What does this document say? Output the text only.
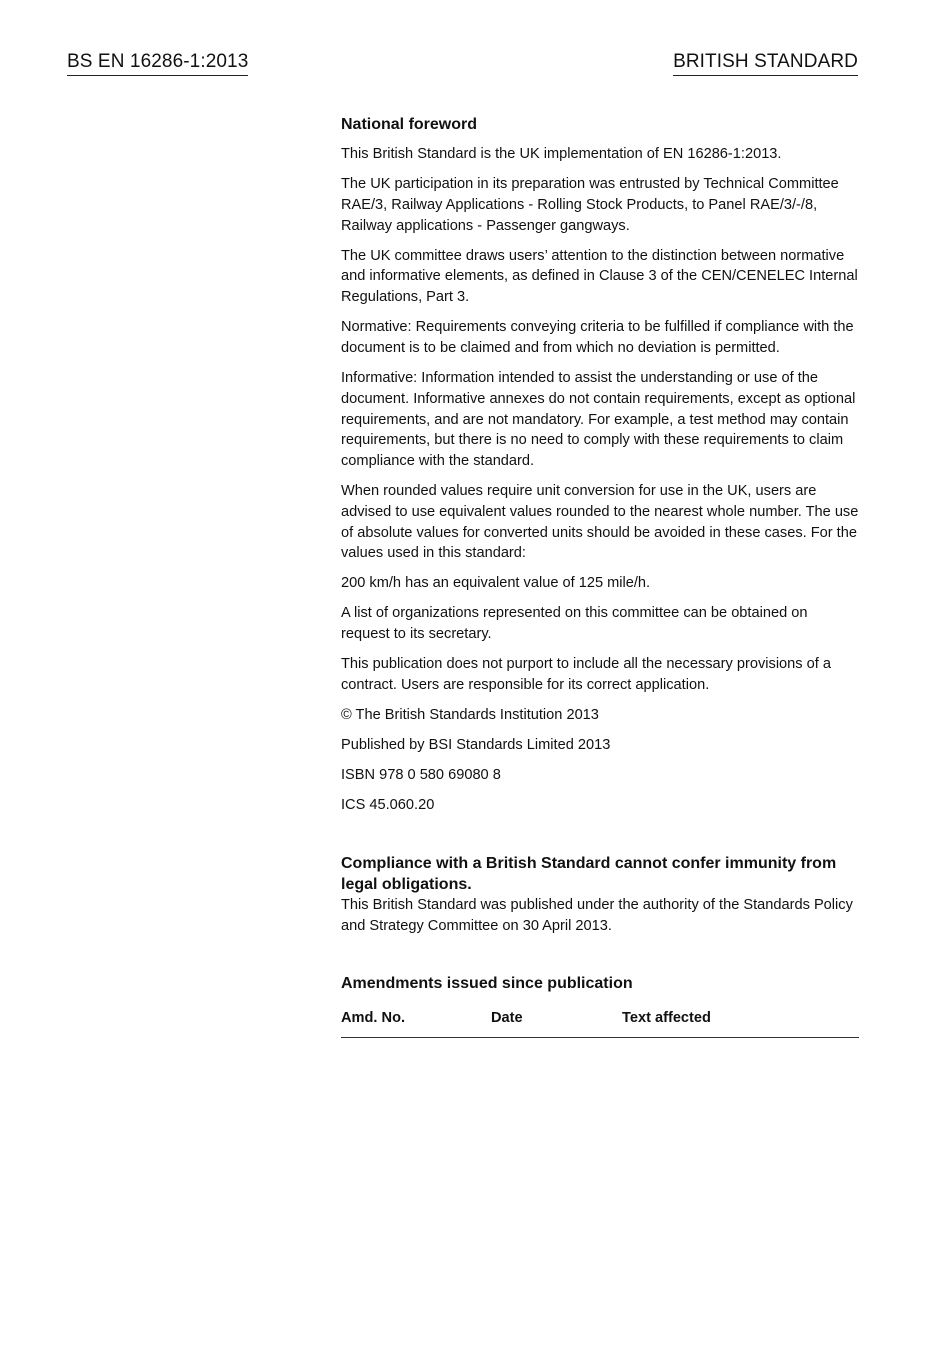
BS EN 16286-1:2013	BRITISH STANDARD
National foreword

This British Standard is the UK implementation of EN 16286-1:2013.

The UK participation in its preparation was entrusted by Technical Committee RAE/3, Railway Applications - Rolling Stock Products, to Panel RAE/3/-/8, Railway applications - Passenger gangways.

The UK committee draws users’ attention to the distinction between normative and informative elements, as defined in Clause 3 of the CEN/CENELEC Internal Regulations, Part 3.

Normative: Requirements conveying criteria to be fulfilled if compliance with the document is to be claimed and from which no deviation is permitted.

Informative: Information intended to assist the understanding or use of the document. Informative annexes do not contain requirements, except as optional requirements, and are not mandatory. For example, a test method may contain requirements, but there is no need to comply with these requirements to claim compliance with the standard.

When rounded values require unit conversion for use in the UK, users are advised to use equivalent values rounded to the nearest whole number. The use of absolute values for converted units should be avoided in these cases. For the values used in this standard:

200 km/h has an equivalent value of 125 mile/h.

A list of organizations represented on this committee can be obtained on request to its secretary.

This publication does not purport to include all the necessary provisions of a contract. Users are responsible for its correct application.

© The British Standards Institution 2013

Published by BSI Standards Limited 2013

ISBN 978 0 580 69080 8

ICS 45.060.20

Compliance with a British Standard cannot confer immunity from legal obligations.

This British Standard was published under the authority of the Standards Policy and Strategy Committee on 30 April 2013.

Amendments issued since publication
Amd. No.	Date	Text affected
